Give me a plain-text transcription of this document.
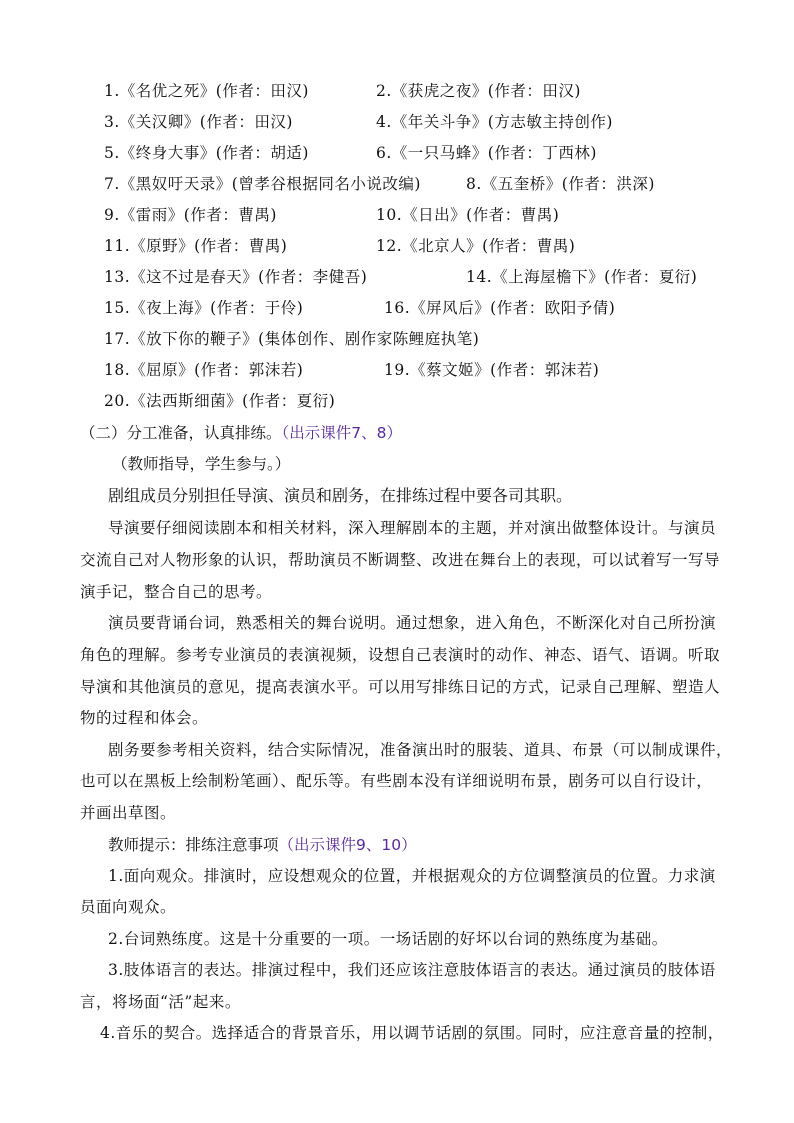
1.《名优之死》(作者：田汉)	2.《获虎之夜》(作者：田汉)
3.《关汉卿》(作者：田汉)	4.《年关斗争》(方志敏主持创作)
5.《终身大事》(作者：胡适)	6.《一只马蜂》(作者：丁西林)
7.《黑奴吁天录》(曾孝谷根据同名小说改编)	8.《五奎桥》(作者：洪深)
9.《雷雨》(作者：曹禺)	10.《日出》(作者：曹禺)
11.《原野》(作者：曹禺)	12.《北京人》(作者：曹禺)
13.《这不过是春天》(作者：李健吾)	14.《上海屋檐下》(作者：夏衍)
15.《夜上海》(作者：于伶)	16.《屏风后》(作者：欧阳予倩)
17.《放下你的鞭子》(集体创作、剧作家陈鲤庭执笔)
18.《屈原》(作者：郭沫若)	19.《蔡文姬》(作者：郭沫若)
20.《法西斯细菌》(作者：夏衍)
（二）分工准备，认真排练。（出示课件7、8）
（教师指导，学生参与。）
剧组成员分别担任导演、演员和剧务，在排练过程中要各司其职。
导演要仔细阅读剧本和相关材料，深入理解剧本的主题，并对演出做整体设计。与演员
交流自己对人物形象的认识，帮助演员不断调整、改进在舞台上的表现，可以试着写一写导
演手记，整合自己的思考。
演员要背诵台词，熟悉相关的舞台说明。通过想象，进入角色，不断深化对自己所扮演
角色的理解。参考专业演员的表演视频，设想自己表演时的动作、神态、语气、语调。听取
导演和其他演员的意见，提高表演水平。可以用写排练日记的方式，记录自己理解、塑造人
物的过程和体会。
剧务要参考相关资料，结合实际情况，准备演出时的服装、道具、布景（可以制成课件，
也可以在黑板上绘制粉笔画）、配乐等。有些剧本没有详细说明布景，剧务可以自行设计，
并画出草图。
教师提示：排练注意事项（出示课件9、10）
1.面向观众。排演时，应设想观众的位置，并根据观众的方位调整演员的位置。力求演
员面向观众。
2.台词熟练度。这是十分重要的一项。一场话剧的好坏以台词的熟练度为基础。
3.肢体语言的表达。排演过程中，我们还应该注意肢体语言的表达。通过演员的肢体语
言，将场面“活”起来。
4.音乐的契合。选择适合的背景音乐，用以调节话剧的氛围。同时，应注意音量的控制，
